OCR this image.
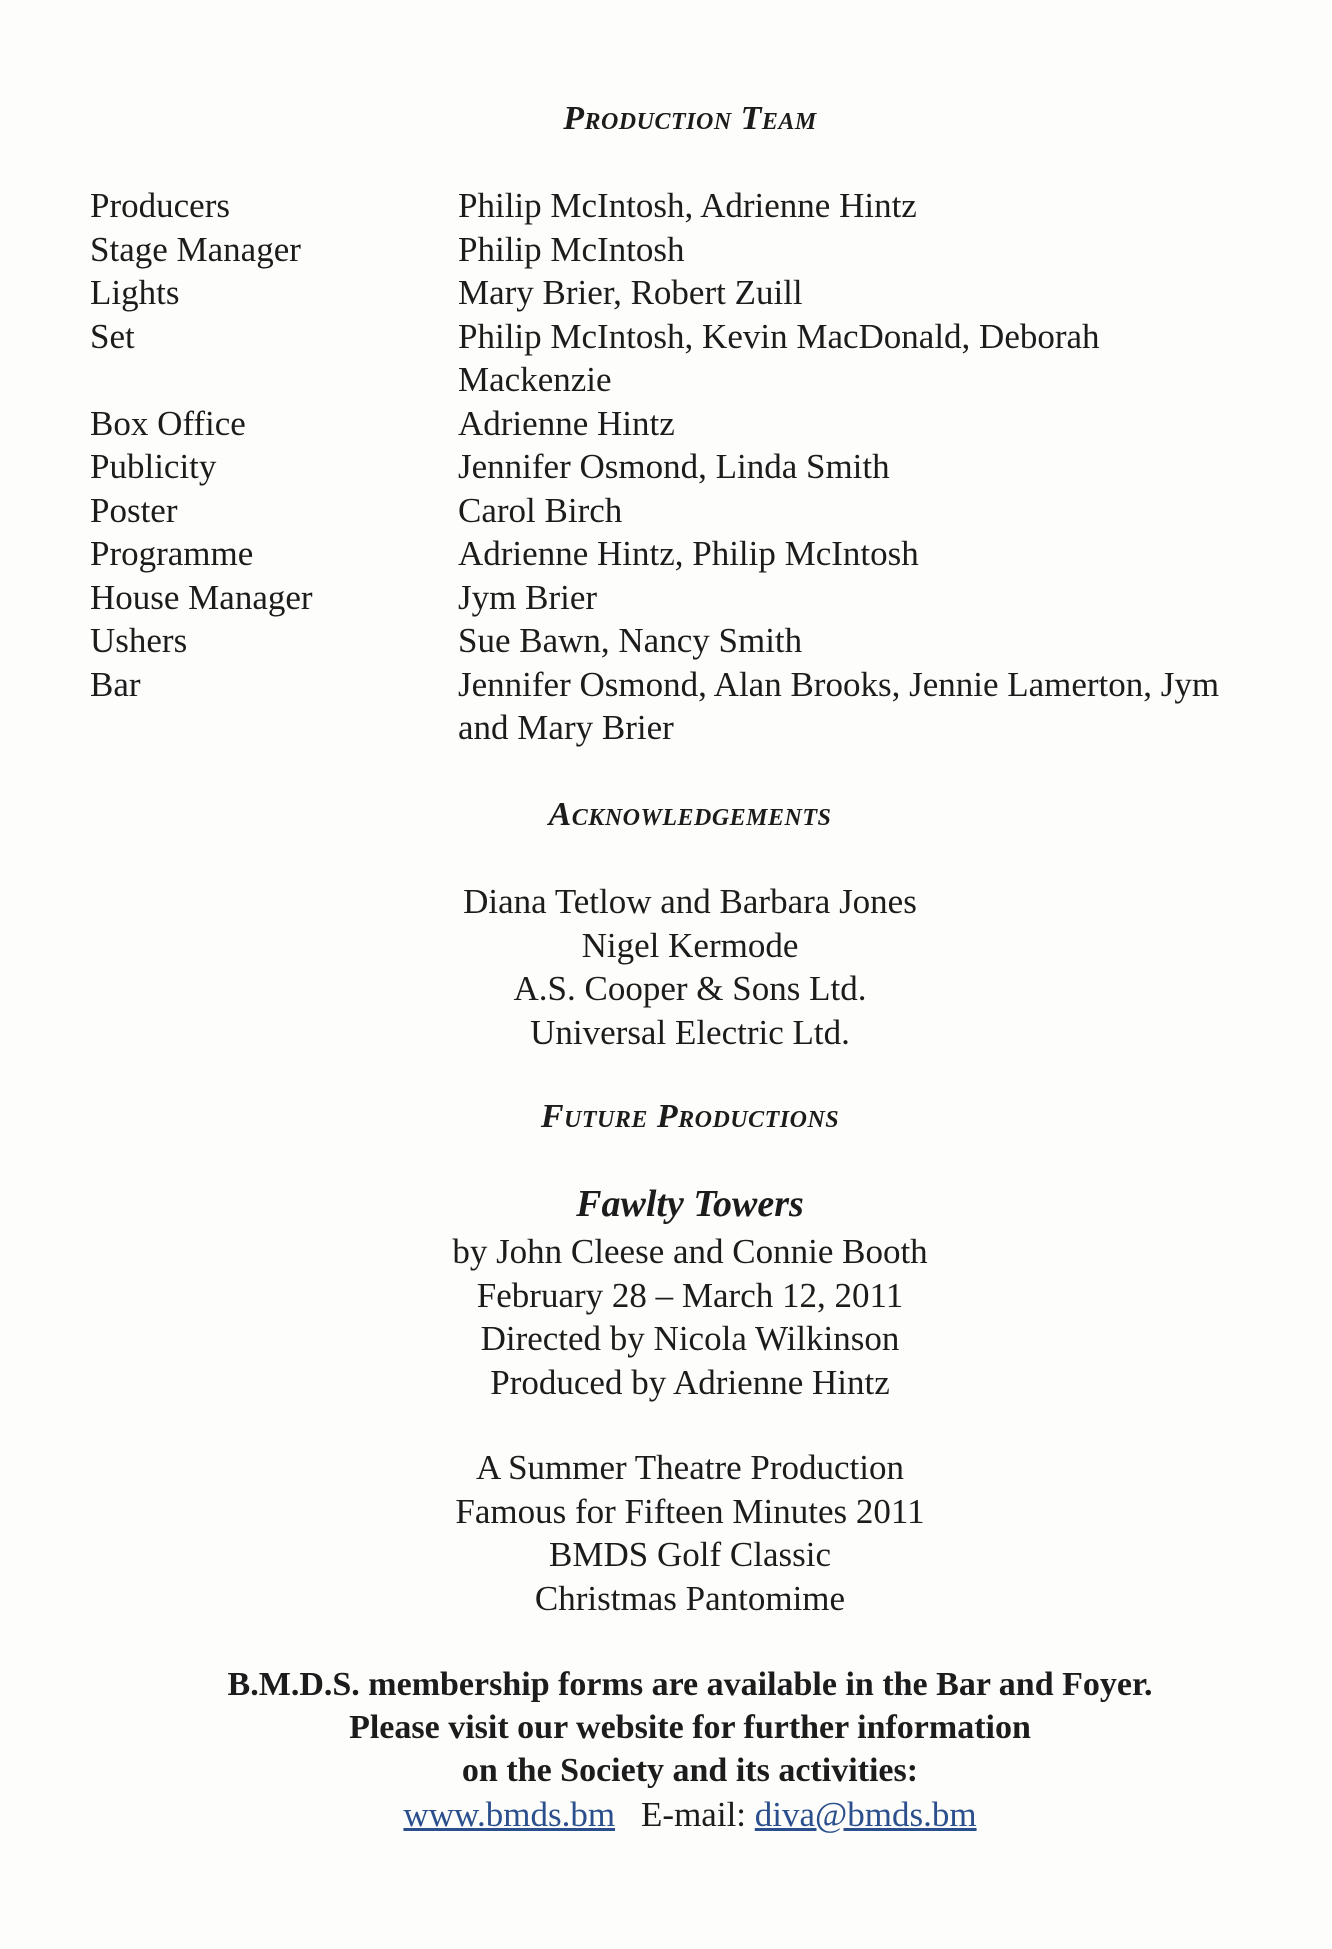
Production Team
Producers	Philip McIntosh, Adrienne Hintz
Stage Manager	Philip McIntosh
Lights	Mary Brier, Robert Zuill
Set	Philip McIntosh, Kevin MacDonald, Deborah Mackenzie
Box Office	Adrienne Hintz
Publicity	Jennifer Osmond, Linda Smith
Poster	Carol Birch
Programme	Adrienne Hintz, Philip McIntosh
House Manager	Jym Brier
Ushers	Sue Bawn, Nancy Smith
Bar	Jennifer Osmond, Alan Brooks, Jennie Lamerton, Jym and Mary Brier
Acknowledgements
Diana Tetlow and Barbara Jones
Nigel Kermode
A.S. Cooper & Sons Ltd.
Universal Electric Ltd.
Future Productions
Fawlty Towers
by John Cleese and Connie Booth
February 28 – March 12, 2011
Directed by Nicola Wilkinson
Produced by Adrienne Hintz
A Summer Theatre Production
Famous for Fifteen Minutes 2011
BMDS Golf Classic
Christmas Pantomime
B.M.D.S. membership forms are available in the Bar and Foyer.
Please visit our website for further information
on the Society and its activities:
www.bmds.bm E-mail: diva@bmds.bm
